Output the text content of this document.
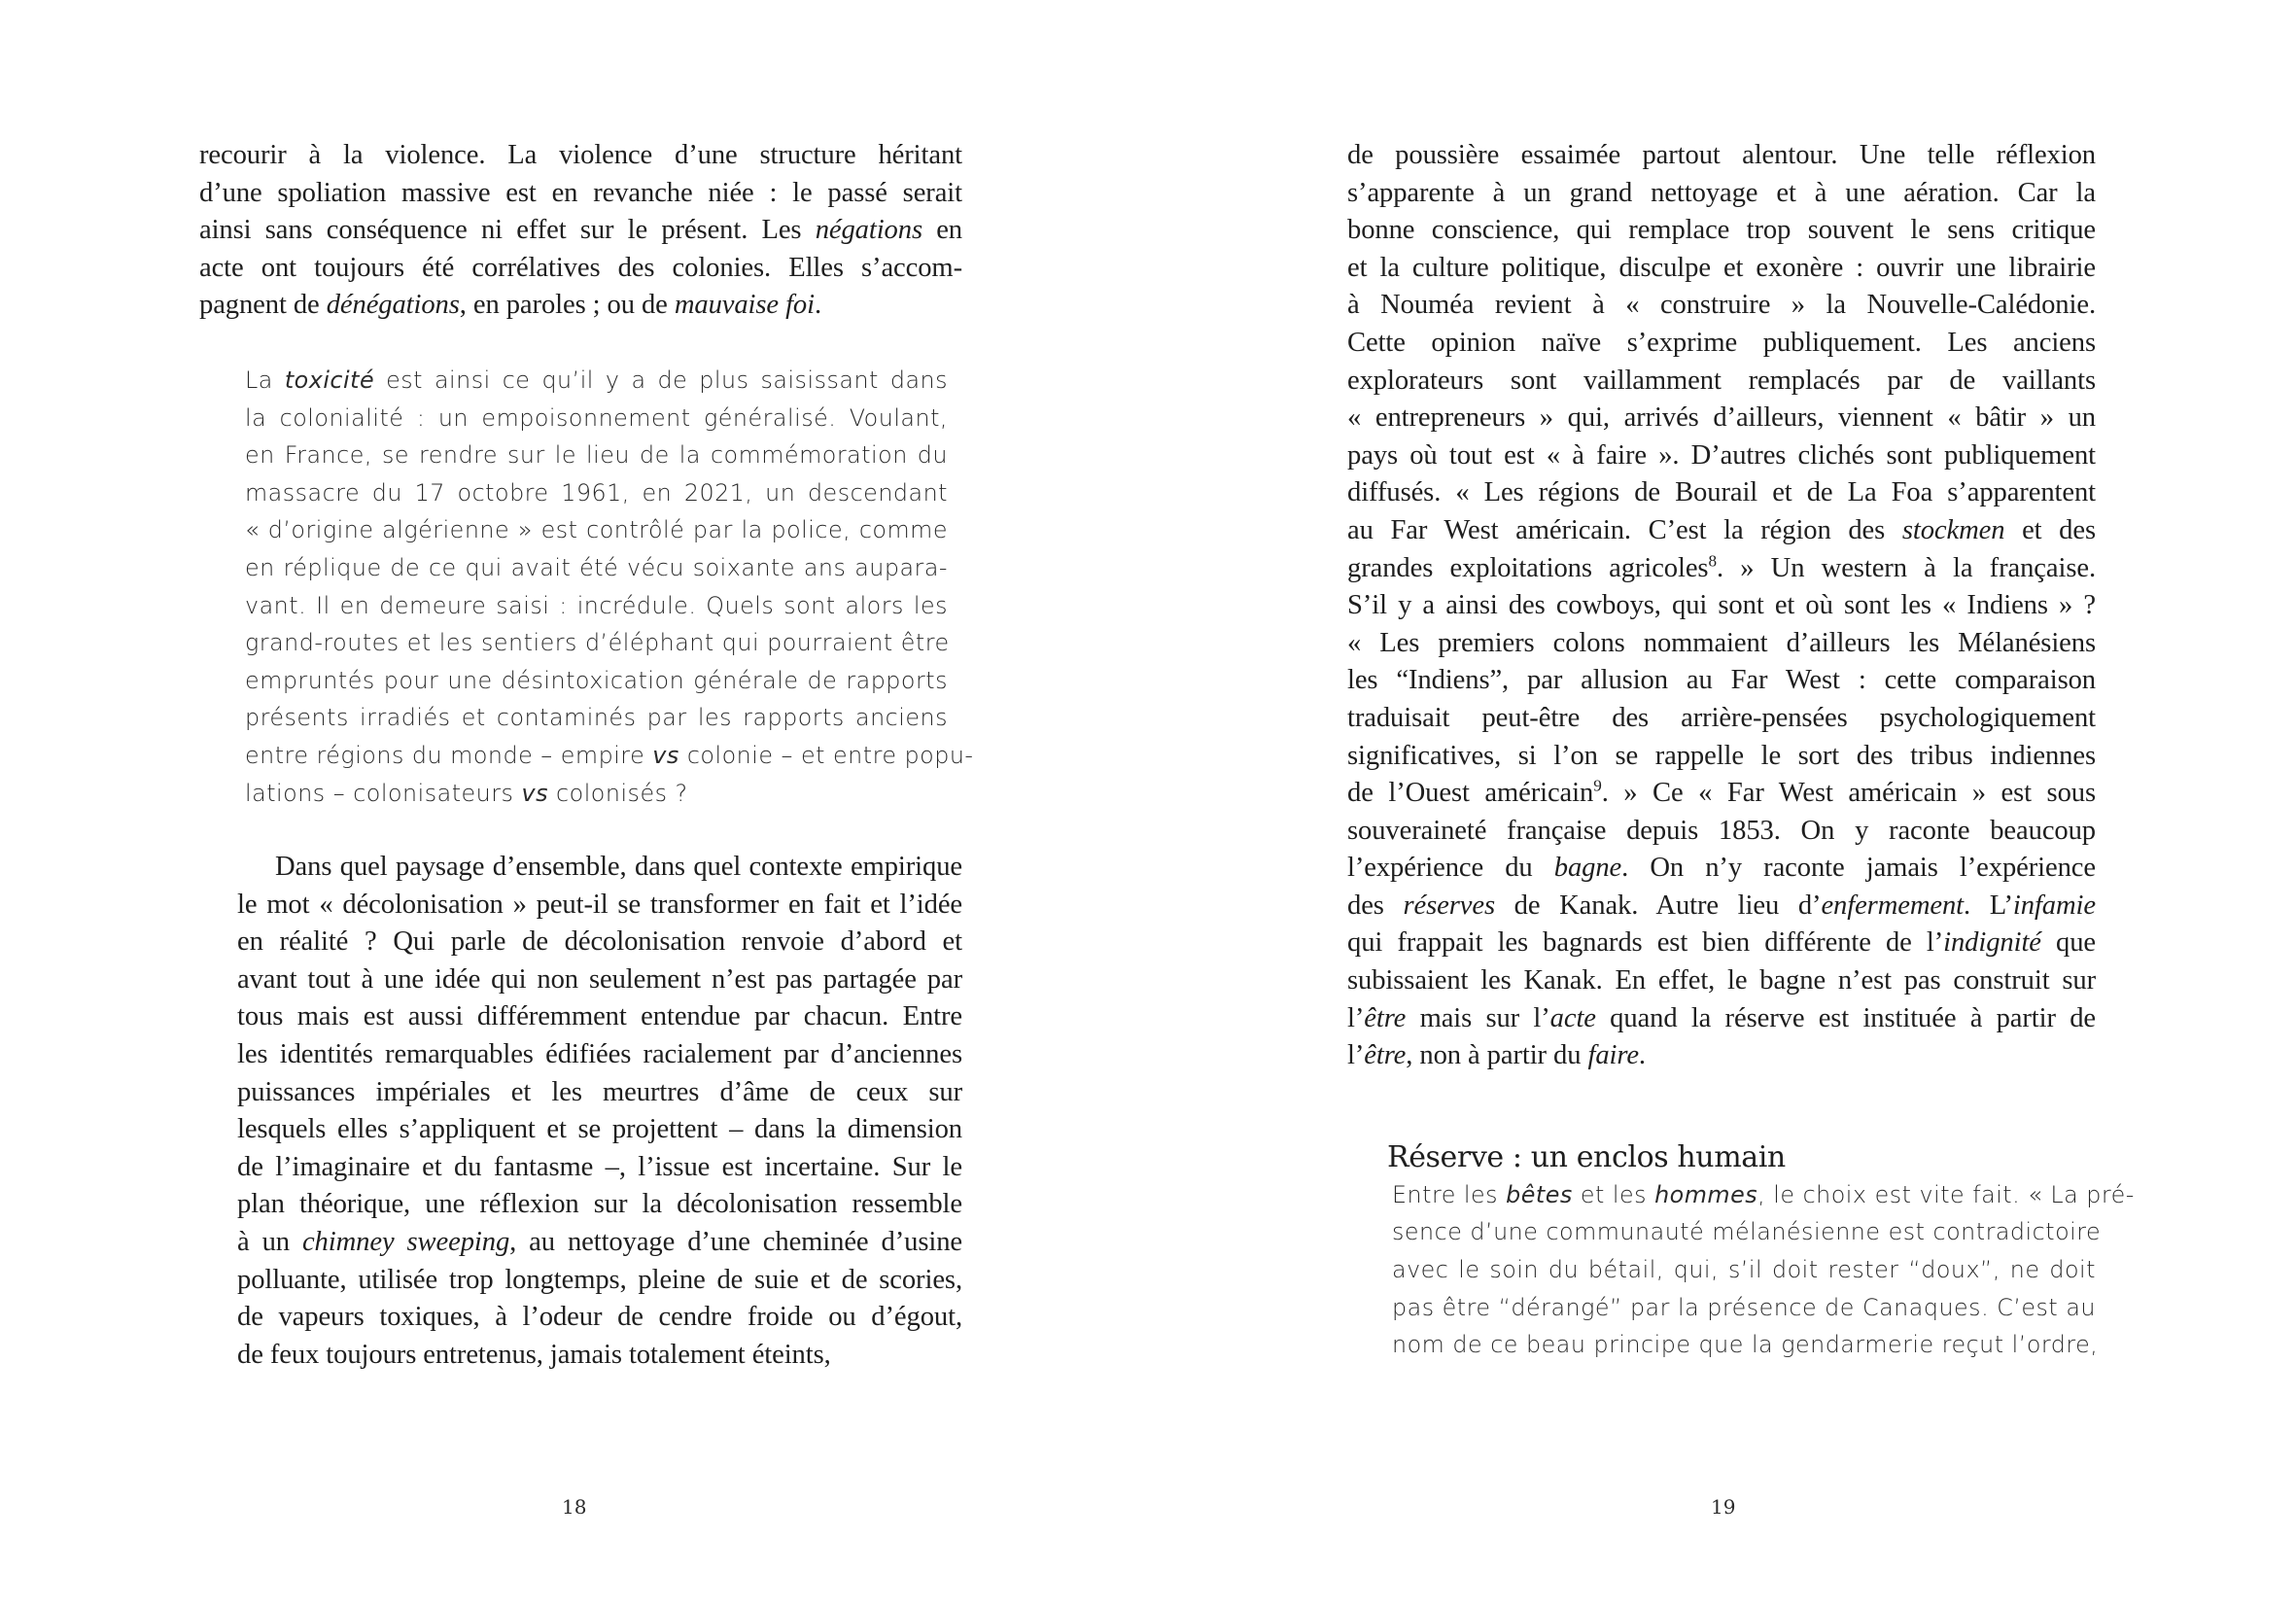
recourir à la violence. La violence d’une structure héritant
d’une spoliation massive est en revanche niée : le passé serait
ainsi sans conséquence ni effet sur le présent. Les négations en
acte ont toujours été corrélatives des colonies. Elles s’accom-
pagnent de dénégations, en paroles ; ou de mauvaise foi.

La toxicité est ainsi ce qu’il y a de plus saisissant dans
la colonialité : un empoisonnement généralisé. Voulant,
en France, se rendre sur le lieu de la commémoration du
massacre du 17 octobre 1961, en 2021, un descendant
« d’origine algérienne » est contrôlé par la police, comme
en réplique de ce qui avait été vécu soixante ans aupara-
vant. Il en demeure saisi : incrédule. Quels sont alors les
grand-routes et les sentiers d’éléphant qui pourraient être
empruntés pour une désintoxication générale de rapports
présents irradiés et contaminés par les rapports anciens
entre régions du monde – empire vs colonie – et entre popu-
lations – colonisateurs vs colonisés ?

Dans quel paysage d’ensemble, dans quel contexte empirique
le mot « décolonisation » peut-il se transformer en fait et l’idée
en réalité ? Qui parle de décolonisation renvoie d’abord et
avant tout à une idée qui non seulement n’est pas partagée par
tous mais est aussi différemment entendue par chacun. Entre
les identités remarquables édifiées racialement par d’anciennes
puissances impériales et les meurtres d’âme de ceux sur
lesquels elles s’appliquent et se projettent – dans la dimension
de l’imaginaire et du fantasme –, l’issue est incertaine. Sur le
plan théorique, une réflexion sur la décolonisation ressemble
à un chimney sweeping, au nettoyage d’une cheminée d’usine
polluante, utilisée trop longtemps, pleine de suie et de scories,
de vapeurs toxiques, à l’odeur de cendre froide ou d’égout,
de feux toujours entretenus, jamais totalement éteints,

18

de poussière essaimée partout alentour. Une telle réflexion
s’apparente à un grand nettoyage et à une aération. Car la
bonne conscience, qui remplace trop souvent le sens critique
et la culture politique, disculpe et exonère : ouvrir une librairie
à Nouméa revient à « construire » la Nouvelle-Calédonie.
Cette opinion naïve s’exprime publiquement. Les anciens
explorateurs sont vaillamment remplacés par de vaillants
« entrepreneurs » qui, arrivés d’ailleurs, viennent « bâtir » un
pays où tout est « à faire ». D’autres clichés sont publiquement
diffusés. « Les régions de Bourail et de La Foa s’apparentent
au Far West américain. C’est la région des stockmen et des
grandes exploitations agricoles$^8$. » Un western à la française.
S’il y a ainsi des cowboys, qui sont et où sont les « Indiens » ?
« Les premiers colons nommaient d’ailleurs les Mélanésiens
les “Indiens”, par allusion au Far West : cette comparaison
traduisait peut-être des arrière-pensées psychologiquement
significatives, si l’on se rappelle le sort des tribus indiennes
de l’Ouest américain$^9$. » Ce « Far West américain » est sous
souveraineté française depuis 1853. On y raconte beaucoup
l’expérience du bagne. On n’y raconte jamais l’expérience
des réserves de Kanak. Autre lieu d’enfermement. L’infamie
qui frappait les bagnards est bien différente de l’indignité que
subissaient les Kanak. En effet, le bagne n’est pas construit sur
l’être mais sur l’acte quand la réserve est instituée à partir de
l’être, non à partir du faire.

Réserve : un enclos humain
Entre les bêtes et les hommes, le choix est vite fait. « La pré-
sence d’une communauté mélanésienne est contradictoire
avec le soin du bétail, qui, s’il doit rester “doux”, ne doit
pas être “dérangé” par la présence de Canaques. C’est au
nom de ce beau principe que la gendarmerie reçut l’ordre,
19
